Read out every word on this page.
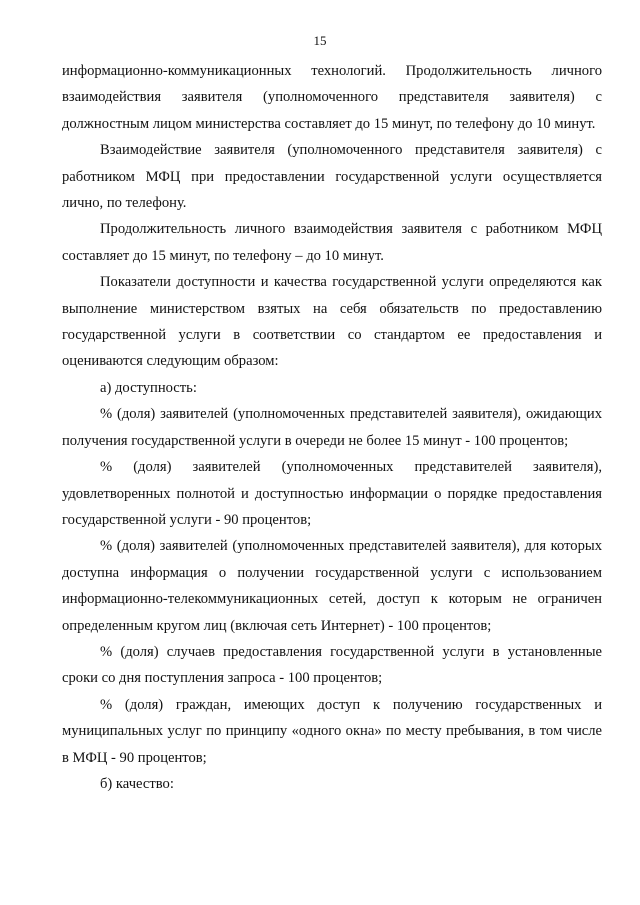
15

информационно-коммуникационных технологий. Продолжительность личного взаимодействия заявителя (уполномоченного представителя заявителя) с должностным лицом министерства составляет до 15 минут, по телефону до 10 минут.

Взаимодействие заявителя (уполномоченного представителя заявителя) с работником МФЦ при предоставлении государственной услуги осуществляется лично, по телефону.

Продолжительность личного взаимодействия заявителя с работником МФЦ составляет до 15 минут, по телефону – до 10 минут.

Показатели доступности и качества государственной услуги определяются как выполнение министерством взятых на себя обязательств по предоставлению государственной услуги в соответствии со стандартом ее предоставления и оцениваются следующим образом:

а) доступность:

% (доля) заявителей (уполномоченных представителей заявителя), ожидающих получения государственной услуги в очереди не более 15 минут - 100 процентов;

% (доля) заявителей (уполномоченных представителей заявителя), удовлетворенных полнотой и доступностью информации о порядке предоставления государственной услуги - 90 процентов;

% (доля) заявителей (уполномоченных представителей заявителя), для которых доступна информация о получении государственной услуги с использованием информационно-телекоммуникационных сетей, доступ к которым не ограничен определенным кругом лиц (включая сеть Интернет) - 100 процентов;

% (доля) случаев предоставления государственной услуги в установленные сроки со дня поступления запроса - 100 процентов;

% (доля) граждан, имеющих доступ к получению государственных и муниципальных услуг по принципу «одного окна» по месту пребывания, в том числе в МФЦ - 90 процентов;

б) качество:
